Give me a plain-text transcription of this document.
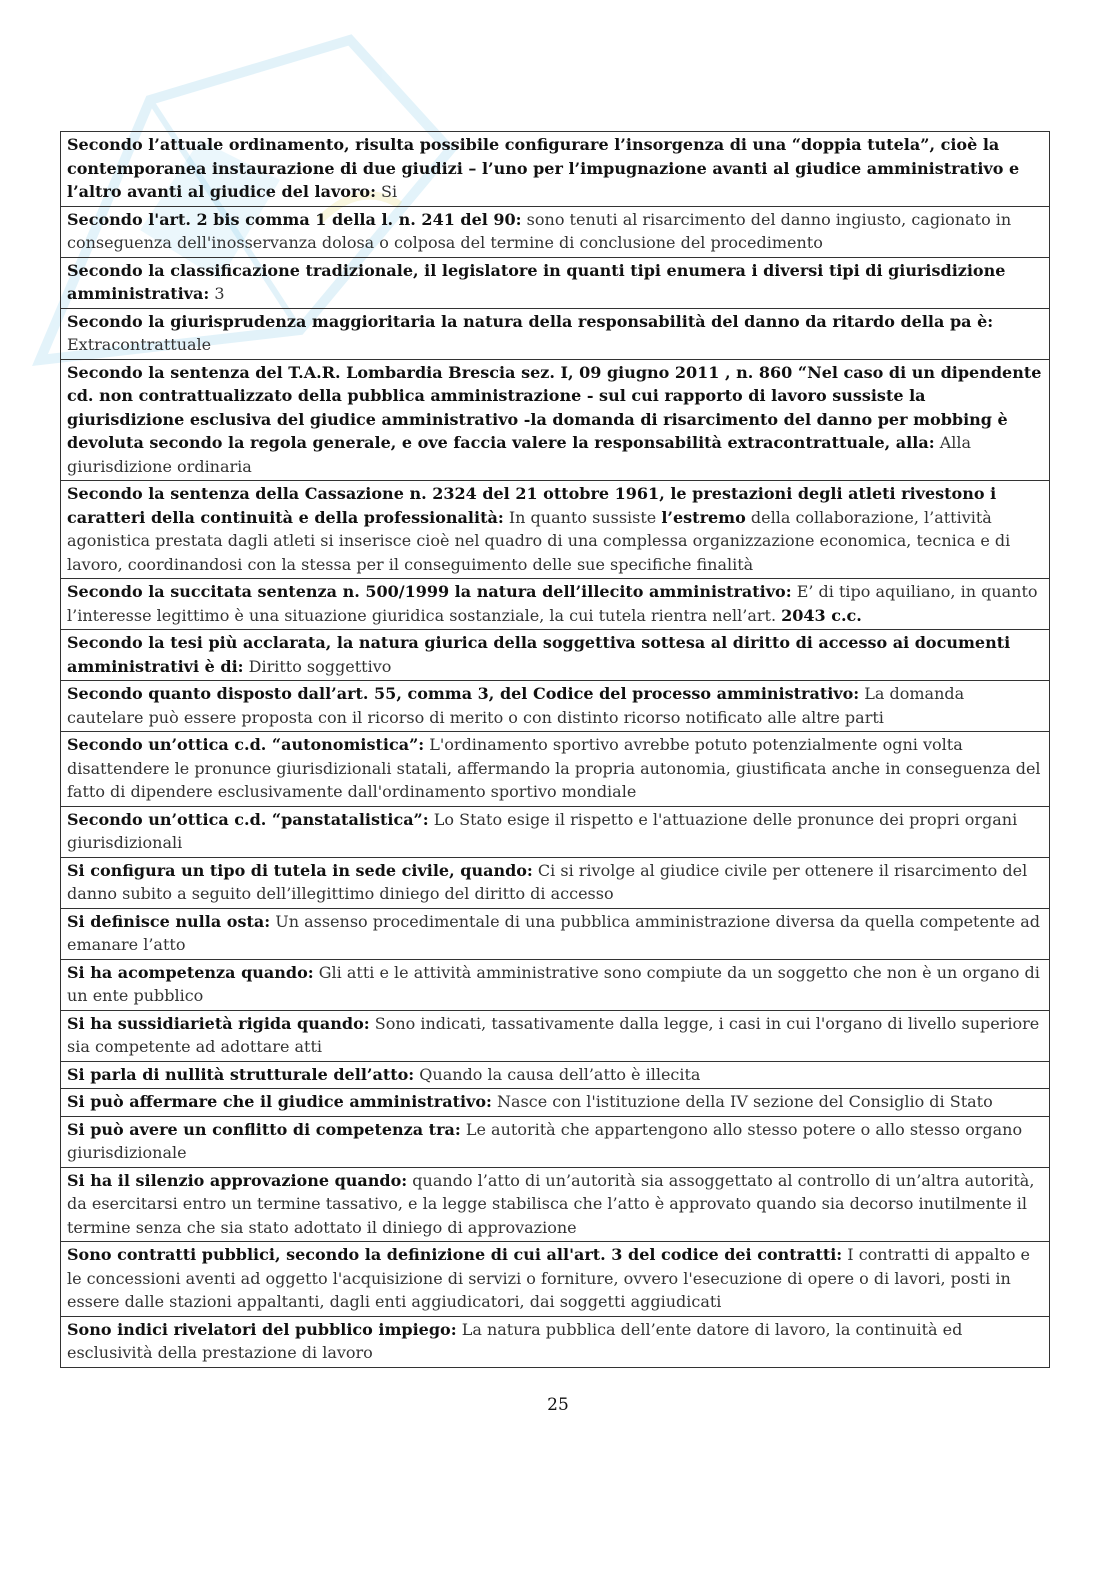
Secondo l’attuale ordinamento, risulta possibile configurare l’insorgenza di una “doppia tutela”, cioè la contemporanea instaurazione di due giudizi – l’uno per l’impugnazione avanti al giudice amministrativo e l’altro avanti al giudice del lavoro: Si
Secondo l'art. 2 bis comma 1 della l. n. 241 del 90: sono tenuti al risarcimento del danno ingiusto, cagionato in conseguenza dell'inosservanza dolosa o colposa del termine di conclusione del procedimento
Secondo la classificazione tradizionale, il legislatore in quanti tipi enumera i diversi tipi di giurisdizione amministrativa: 3
Secondo la giurisprudenza maggioritaria la natura della responsabilità del danno da ritardo della pa è: Extracontrattuale
Secondo la sentenza del T.A.R. Lombardia Brescia sez. I, 09 giugno 2011 , n. 860 “Nel caso di un dipendente cd. non contrattualizzato della pubblica amministrazione - sul cui rapporto di lavoro sussiste la giurisdizione esclusiva del giudice amministrativo -la domanda di risarcimento del danno per mobbing è devoluta secondo la regola generale, e ove faccia valere la responsabilità extracontrattuale, alla: Alla giurisdizione ordinaria
Secondo la sentenza della Cassazione n. 2324 del 21 ottobre 1961, le prestazioni degli atleti rivestono i caratteri della continuità e della professionalità: In quanto sussiste l’estremo della collaborazione, l’attività agonistica prestata dagli atleti si inserisce cioè nel quadro di una complessa organizzazione economica, tecnica e di lavoro, coordinandosi con la stessa per il conseguimento delle sue specifiche finalità
Secondo la succitata sentenza n. 500/1999 la natura dell’illecito amministrativo: E’ di tipo aquiliano, in quanto l’interesse legittimo è una situazione giuridica sostanziale, la cui tutela rientra nell’art. 2043 c.c.
Secondo la tesi più acclarata, la natura giurica della soggettiva sottesa al diritto di accesso ai documenti amministrativi è di: Diritto soggettivo
Secondo quanto disposto dall’art. 55, comma 3, del Codice del processo amministrativo: La domanda cautelare può essere proposta con il ricorso di merito o con distinto ricorso notificato alle altre parti
Secondo un’ottica c.d. “autonomistica”: L'ordinamento sportivo avrebbe potuto potenzialmente ogni volta disattendere le pronunce giurisdizionali statali, affermando la propria autonomia, giustificata anche in conseguenza del fatto di dipendere esclusivamente dall'ordinamento sportivo mondiale
Secondo un’ottica c.d. “panstatalistica”: Lo Stato esige il rispetto e l'attuazione delle pronunce dei propri organi giurisdizionali
Si configura un tipo di tutela in sede civile, quando: Ci si rivolge al giudice civile per ottenere il risarcimento del danno subito a seguito dell’illegittimo diniego del diritto di accesso
Si definisce nulla osta: Un assenso procedimentale di una pubblica amministrazione diversa da quella competente ad emanare l’atto
Si ha acompetenza quando: Gli atti e le attività amministrative sono compiute da un soggetto che non è un organo di un ente pubblico
Si ha sussidiarietà rigida quando: Sono indicati, tassativamente dalla legge, i casi in cui l'organo di livello superiore sia competente ad adottare atti
Si parla di nullità strutturale dell’atto: Quando la causa dell’atto è illecita
Si può affermare che il giudice amministrativo: Nasce con l'istituzione della IV sezione del Consiglio di Stato
Si può avere un conflitto di competenza tra: Le autorità che appartengono allo stesso potere o allo stesso organo giurisdizionale
Si ha il silenzio approvazione quando: quando l’atto di un’autorità sia assoggettato al controllo di un’altra autorità, da esercitarsi entro un termine tassativo, e la legge stabilisca che l’atto è approvato quando sia decorso inutilmente il termine senza che sia stato adottato il diniego di approvazione
Sono contratti pubblici, secondo la definizione di cui all'art. 3 del codice dei contratti: I contratti di appalto e le concessioni aventi ad oggetto l'acquisizione di servizi o forniture, ovvero l'esecuzione di opere o di lavori, posti in essere dalle stazioni appaltanti, dagli enti aggiudicatori, dai soggetti aggiudicati
Sono indici rivelatori del pubblico impiego: La natura pubblica dell’ente datore di lavoro, la continuità ed esclusività della prestazione di lavoro
25
